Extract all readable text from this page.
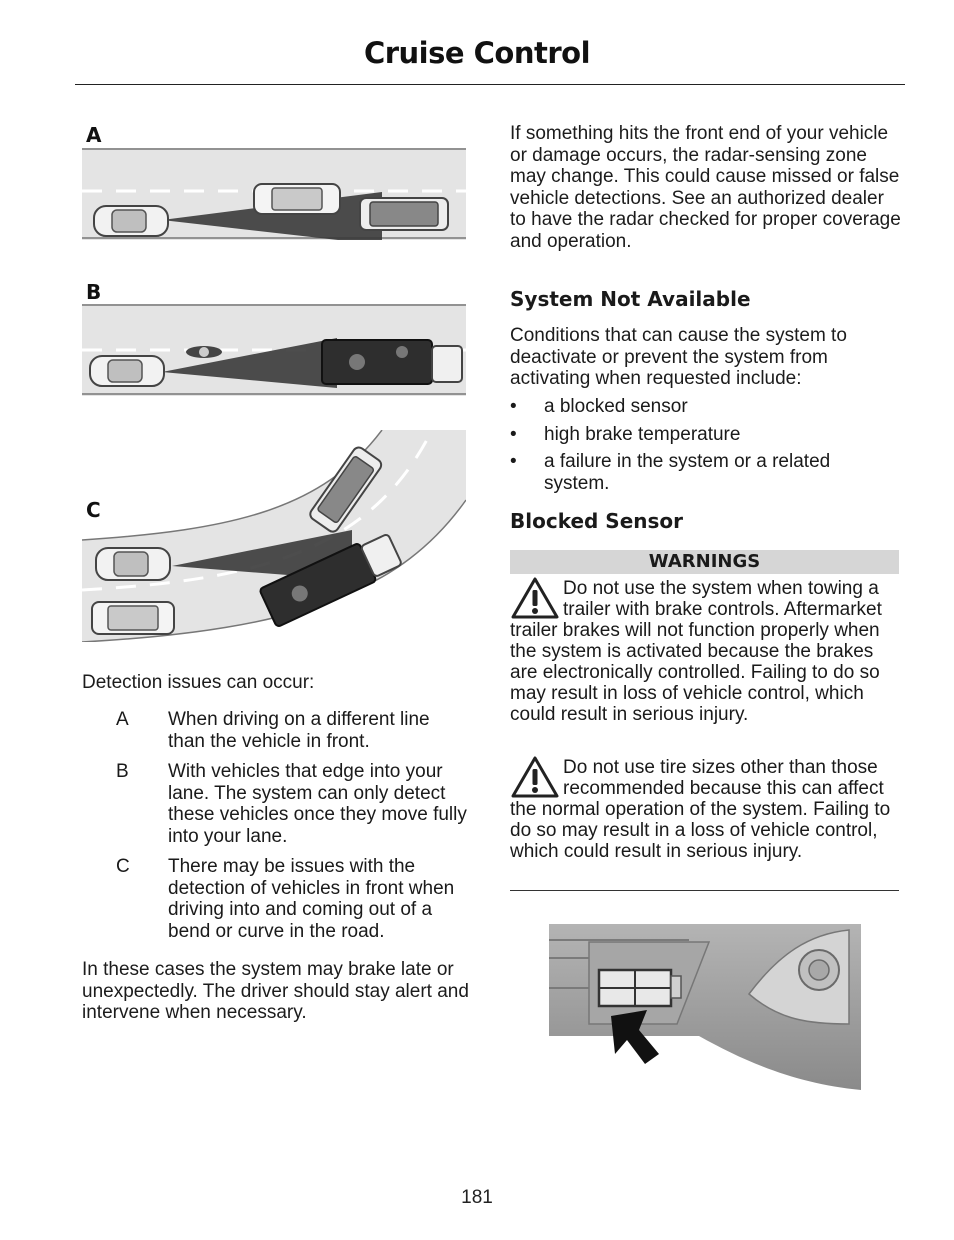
Cruise Control
A
B
C
Detection issues can occur:
A When driving on a different line than the vehicle in front.
B With vehicles that edge into your lane. The system can only detect these vehicles once they move fully into your lane.
C There may be issues with the detection of vehicles in front when driving into and coming out of a bend or curve in the road.
In these cases the system may brake late or unexpectedly. The driver should stay alert and intervene when necessary.
If something hits the front end of your vehicle or damage occurs, the radar-sensing zone may change. This could cause missed or false vehicle detections. See an authorized dealer to have the radar checked for proper coverage and operation.
System Not Available
Conditions that can cause the system to deactivate or prevent the system from activating when requested include:
• a blocked sensor
• high brake temperature
• a failure in the system or a related system.
Blocked Sensor
WARNINGS
Do not use the system when towing a trailer with brake controls. Aftermarket trailer brakes will not function properly when the system is activated because the brakes are electronically controlled. Failing to do so may result in loss of vehicle control, which could result in serious injury.
Do not use tire sizes other than those recommended because this can affect the normal operation of the system. Failing to do so may result in a loss of vehicle control, which could result in serious injury.
181
